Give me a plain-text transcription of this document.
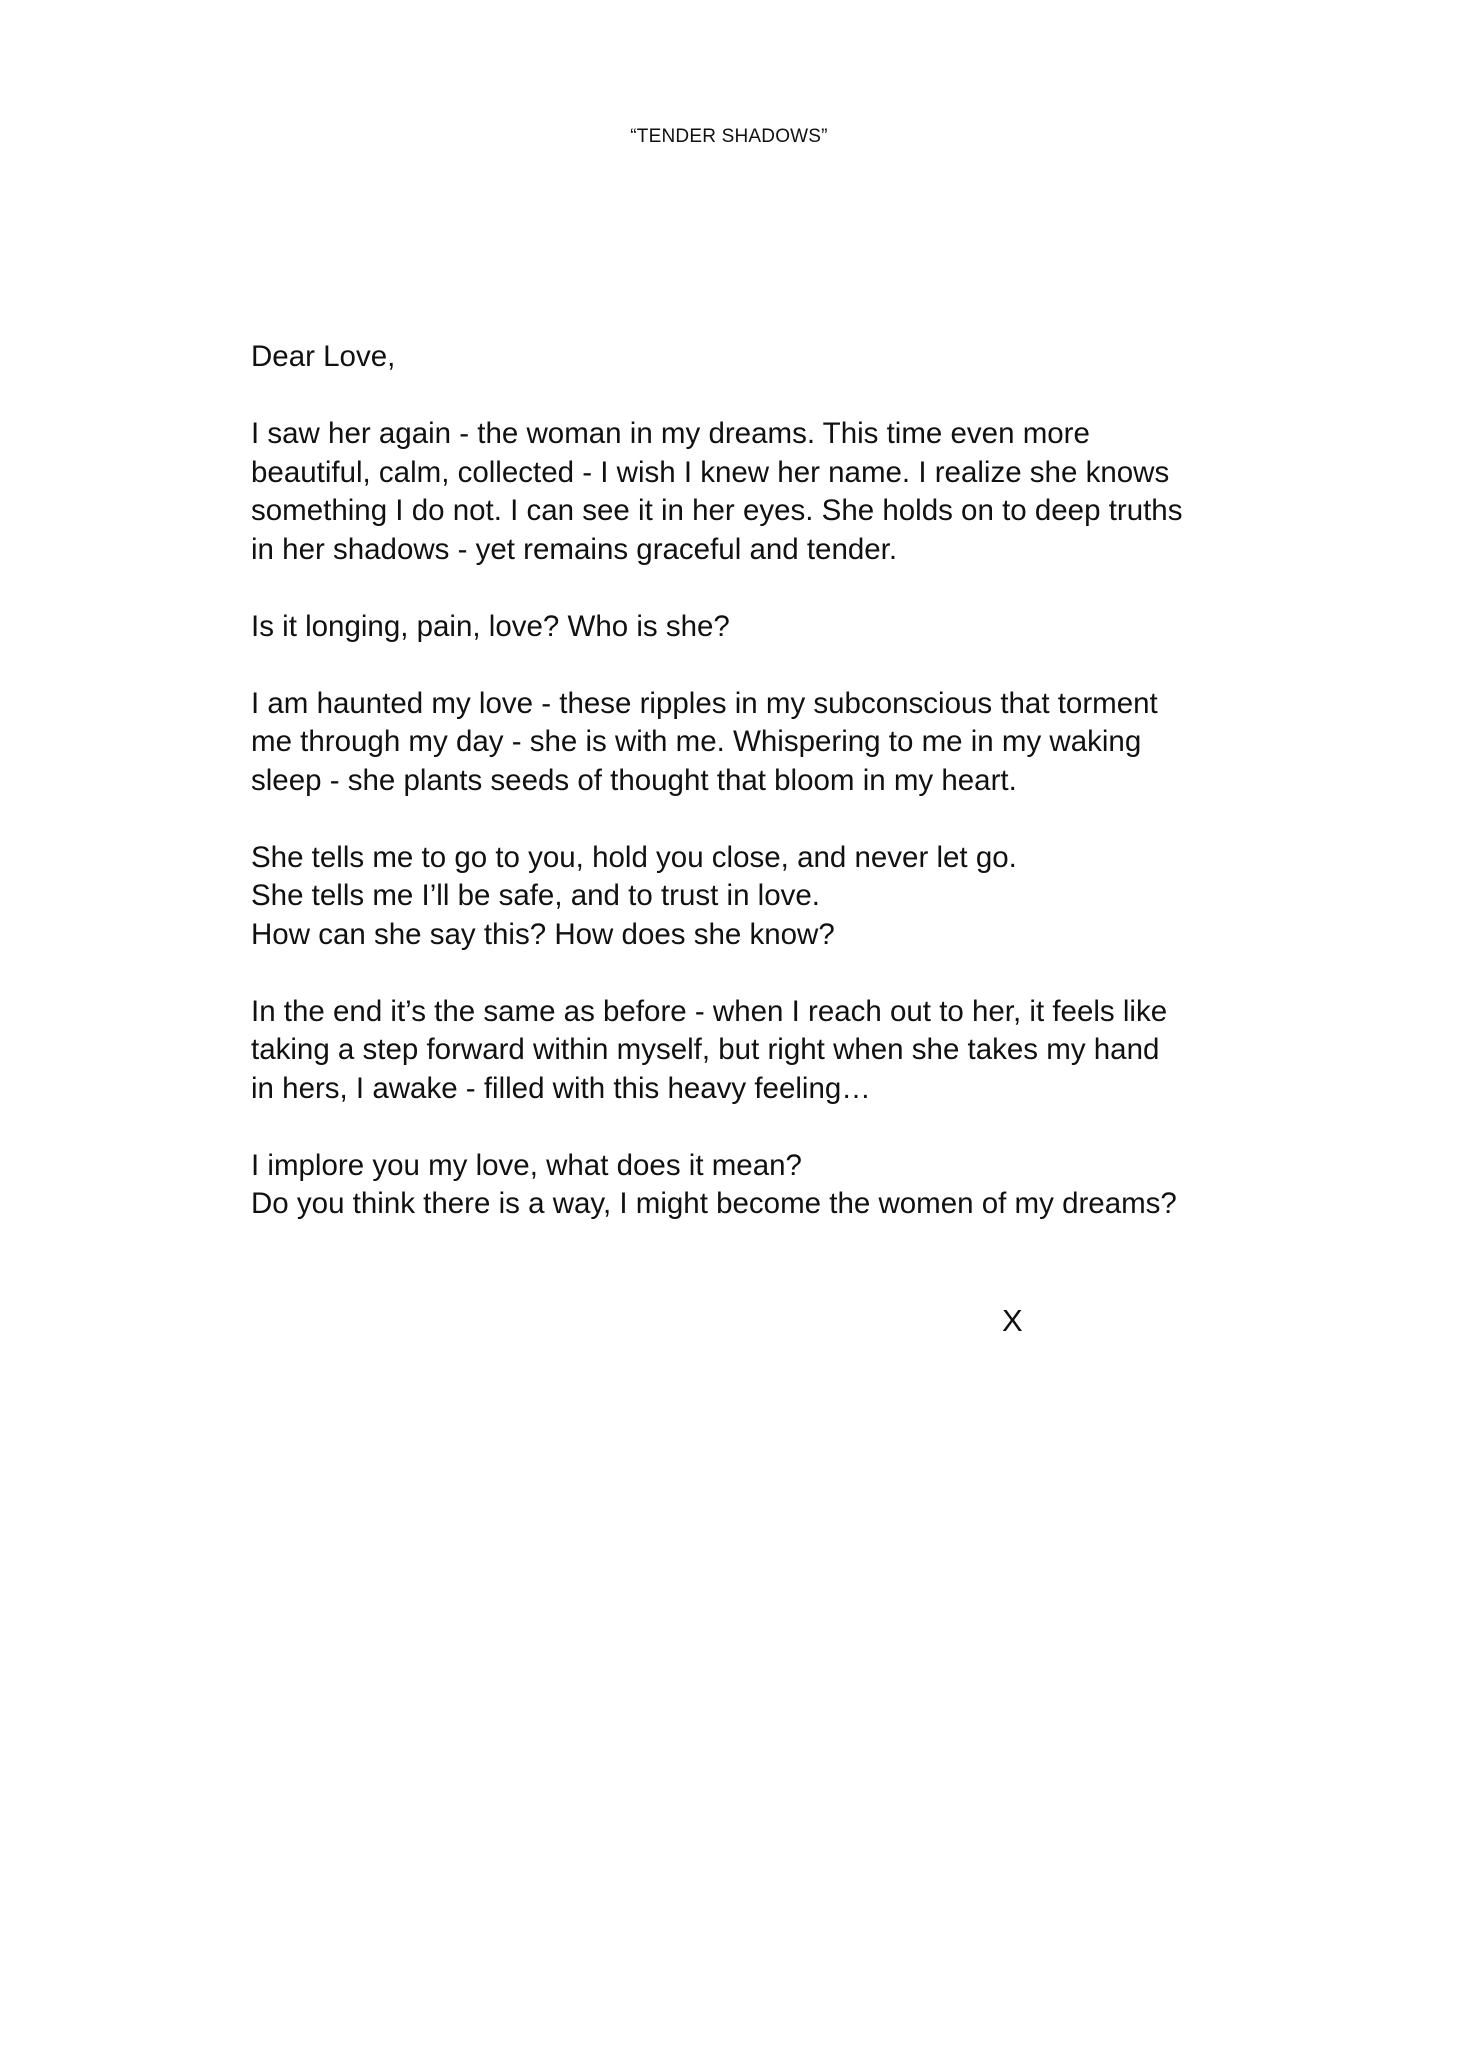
“TENDER SHADOWS”
Dear Love,
I saw her again - the woman in my dreams. This time even more
beautiful, calm, collected - I wish I knew her name. I realize she knows
something I do not. I can see it in her eyes. She holds on to deep truths
in her shadows - yet remains graceful and tender.
Is it longing, pain, love? Who is she?
I am haunted my love - these ripples in my subconscious that torment
me through my day - she is with me. Whispering to me in my waking
sleep - she plants seeds of thought that bloom in my heart.
She tells me to go to you, hold you close, and never let go.
She tells me I’ll be safe, and to trust in love.
How can she say this? How does she know?
In the end it’s the same as before - when I reach out to her, it feels like
taking a step forward within myself, but right when she takes my hand
in hers, I awake - filled with this heavy feeling…
I implore you my love, what does it mean?
Do you think there is a way, I might become the women of my dreams?
X
